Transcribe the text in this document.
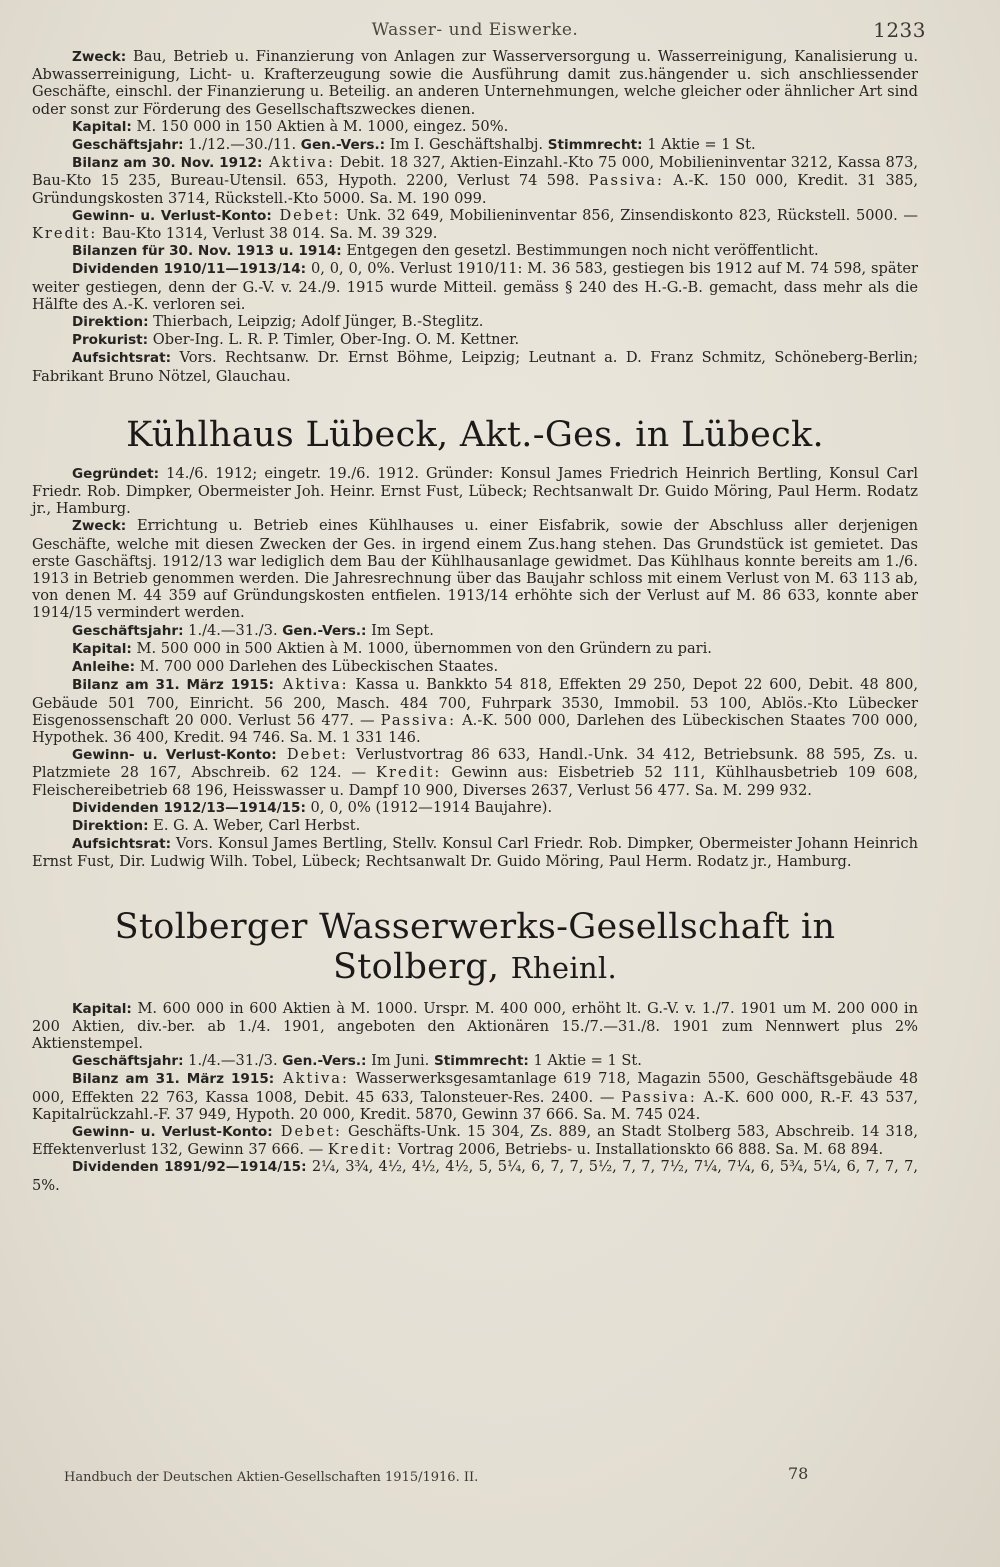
Wasser- und Eiswerke.	1233

Zweck: Bau, Betrieb u. Finanzierung von Anlagen zur Wasserversorgung u. Wasserreinigung, Kanalisierung u. Abwasserreinigung, Licht- u. Krafterzeugung sowie die Ausführung damit zus.hängender u. sich anschliessender Geschäfte, einschl. der Finanzierung u. Beteilig. an anderen Unternehmungen, welche gleicher oder ähnlicher Art sind oder sonst zur Förderung des Gesellschaftszweckes dienen.

Kapital: M. 150 000 in 150 Aktien à M. 1000, eingez. 50%.

Geschäftsjahr: 1./12.—30./11. Gen.-Vers.: Im I. Geschäftshalbj. Stimmrecht: 1 Aktie = 1 St.

Bilanz am 30. Nov. 1912: Aktiva: Debit. 18 327, Aktien-Einzahl.-Kto 75 000, Mobilieninventar 3212, Kassa 873, Bau-Kto 15 235, Bureau-Utensil. 653, Hypoth. 2200, Verlust 74 598. Passiva: A.-K. 150 000, Kredit. 31 385, Gründungskosten 3714, Rückstell.-Kto 5000. Sa. M. 190 099.

Gewinn- u. Verlust-Konto: Debet: Unk. 32 649, Mobilieninventar 856, Zinsendiskonto 823, Rückstell. 5000. — Kredit: Bau-Kto 1314, Verlust 38 014. Sa. M. 39 329.

Bilanzen für 30. Nov. 1913 u. 1914: Entgegen den gesetzl. Bestimmungen noch nicht veröffentlicht.

Dividenden 1910/11—1913/14: 0, 0, 0, 0%. Verlust 1910/11: M. 36 583, gestiegen bis 1912 auf M. 74 598, später weiter gestiegen, denn der G.-V. v. 24./9. 1915 wurde Mitteil. gemäss § 240 des H.-G.-B. gemacht, dass mehr als die Hälfte des A.-K. verloren sei.

Direktion: Thierbach, Leipzig; Adolf Jünger, B.-Steglitz.

Prokurist: Ober-Ing. L. R. P. Timler, Ober-Ing. O. M. Kettner.

Aufsichtsrat: Vors. Rechtsanw. Dr. Ernst Böhme, Leipzig; Leutnant a. D. Franz Schmitz, Schöneberg-Berlin; Fabrikant Bruno Nötzel, Glauchau.

Kühlhaus Lübeck, Akt.-Ges. in Lübeck.

Gegründet: 14./6. 1912; eingetr. 19./6. 1912. Gründer: Konsul James Friedrich Heinrich Bertling, Konsul Carl Friedr. Rob. Dimpker, Obermeister Joh. Heinr. Ernst Fust, Lübeck; Rechtsanwalt Dr. Guido Möring, Paul Herm. Rodatz jr., Hamburg.

Zweck: Errichtung u. Betrieb eines Kühlhauses u. einer Eisfabrik, sowie der Abschluss aller derjenigen Geschäfte, welche mit diesen Zwecken der Ges. in irgend einem Zus.hang stehen. Das Grundstück ist gemietet. Das erste Gaschäftsj. 1912/13 war lediglich dem Bau der Kühlhausanlage gewidmet. Das Kühlhaus konnte bereits am 1./6. 1913 in Betrieb genommen werden. Die Jahresrechnung über das Baujahr schloss mit einem Verlust von M. 63 113 ab, von denen M. 44 359 auf Gründungskosten entfielen. 1913/14 erhöhte sich der Verlust auf M. 86 633, konnte aber 1914/15 vermindert werden.

Geschäftsjahr: 1./4.—31./3. Gen.-Vers.: Im Sept.

Kapital: M. 500 000 in 500 Aktien à M. 1000, übernommen von den Gründern zu pari.

Anleihe: M. 700 000 Darlehen des Lübeckischen Staates.

Bilanz am 31. März 1915: Aktiva: Kassa u. Bankkto 54 818, Effekten 29 250, Depot 22 600, Debit. 48 800, Gebäude 501 700, Einricht. 56 200, Masch. 484 700, Fuhrpark 3530, Immobil. 53 100, Ablös.-Kto Lübecker Eisgenossenschaft 20 000. Verlust 56 477. — Passiva: A.-K. 500 000, Darlehen des Lübeckischen Staates 700 000, Hypothek. 36 400, Kredit. 94 746. Sa. M. 1 331 146.

Gewinn- u. Verlust-Konto: Debet: Verlustvortrag 86 633, Handl.-Unk. 34 412, Betriebsunk. 88 595, Zs. u. Platzmiete 28 167, Abschreib. 62 124. — Kredit: Gewinn aus: Eisbetrieb 52 111, Kühlhausbetrieb 109 608, Fleischereibetrieb 68 196, Heisswasser u. Dampf 10 900, Diverses 2637, Verlust 56 477. Sa. M. 299 932.

Dividenden 1912/13—1914/15: 0, 0, 0% (1912—1914 Baujahre).

Direktion: E. G. A. Weber, Carl Herbst.

Aufsichtsrat: Vors. Konsul James Bertling, Stellv. Konsul Carl Friedr. Rob. Dimpker, Obermeister Johann Heinrich Ernst Fust, Dir. Ludwig Wilh. Tobel, Lübeck; Rechtsanwalt Dr. Guido Möring, Paul Herm. Rodatz jr., Hamburg.

Stolberger Wasserwerks-Gesellschaft in Stolberg, Rheinl.

Kapital: M. 600 000 in 600 Aktien à M. 1000. Urspr. M. 400 000, erhöht lt. G.-V. v. 1./7. 1901 um M. 200 000 in 200 Aktien, div.-ber. ab 1./4. 1901, angeboten den Aktionären 15./7.—31./8. 1901 zum Nennwert plus 2% Aktienstempel.

Geschäftsjahr: 1./4.—31./3. Gen.-Vers.: Im Juni. Stimmrecht: 1 Aktie = 1 St.

Bilanz am 31. März 1915: Aktiva: Wasserwerksgesamtanlage 619 718, Magazin 5500, Geschäftsgebäude 48 000, Effekten 22 763, Kassa 1008, Debit. 45 633, Talonsteuer-Res. 2400. — Passiva: A.-K. 600 000, R.-F. 43 537, Kapitalrückzahl.-F. 37 949, Hypoth. 20 000, Kredit. 5870, Gewinn 37 666. Sa. M. 745 024.

Gewinn- u. Verlust-Konto: Debet: Geschäfts-Unk. 15 304, Zs. 889, an Stadt Stolberg 583, Abschreib. 14 318, Effektenverlust 132, Gewinn 37 666. — Kredit: Vortrag 2006, Betriebs- u. Installationskto 66 888. Sa. M. 68 894.

Dividenden 1891/92—1914/15: 2¼, 3¾, 4½, 4½, 4½, 5, 5¼, 6, 7, 7, 5½, 7, 7, 7½, 7¼, 7¼, 6, 5¾, 5¼, 6, 7, 7, 7, 5%.

Handbuch der Deutschen Aktien-Gesellschaften 1915/1916. II.	78
